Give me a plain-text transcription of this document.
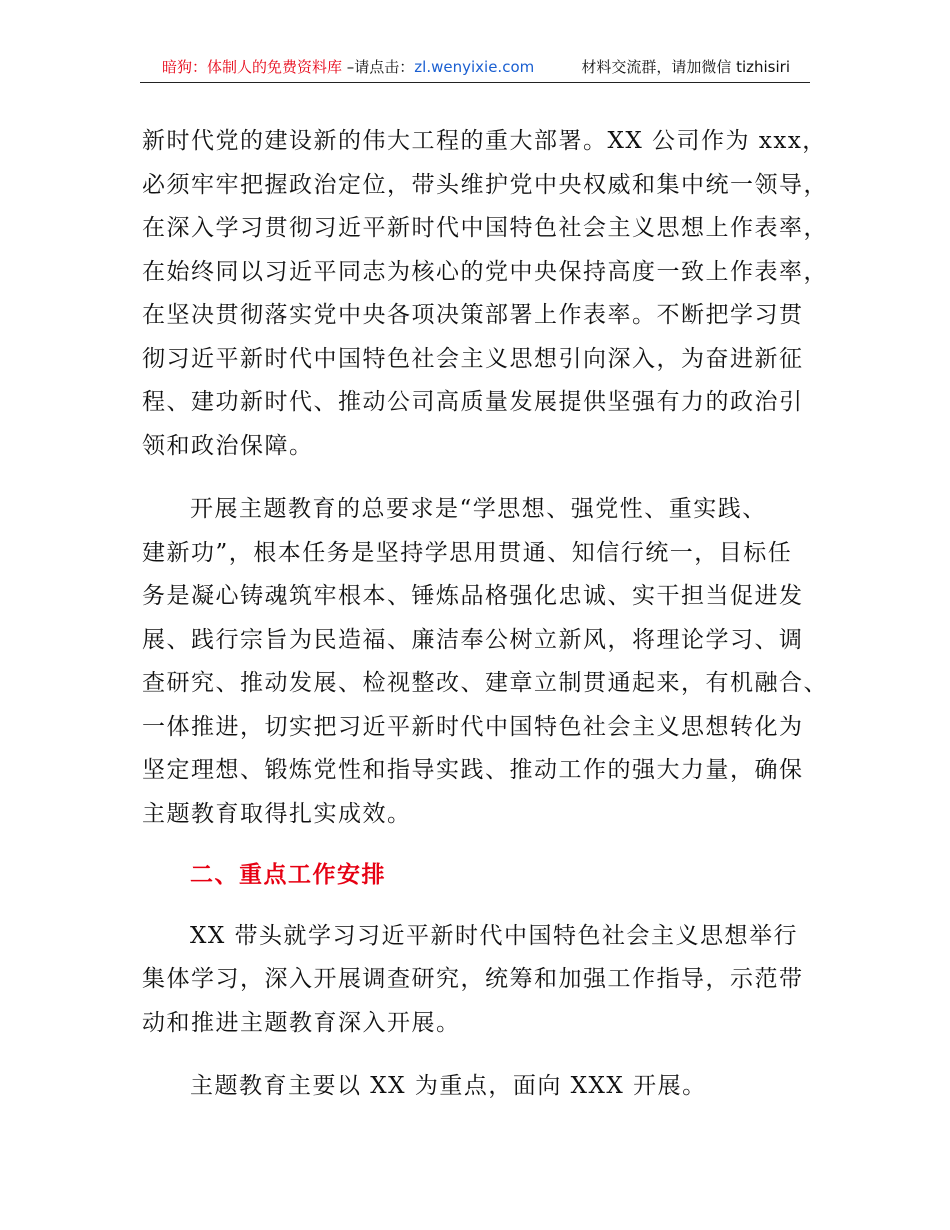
暗狗：体制人的免费资料库 –请点击：zl.wenyixie.com	材料交流群，请加微信 tizhisiri

新时代党的建设新的伟大工程的重大部署。XX 公司作为 xxx，
必须牢牢把握政治定位，带头维护党中央权威和集中统一领导，
在深入学习贯彻习近平新时代中国特色社会主义思想上作表率，
在始终同以习近平同志为核心的党中央保持高度一致上作表率，
在坚决贯彻落实党中央各项决策部署上作表率。不断把学习贯
彻习近平新时代中国特色社会主义思想引向深入，为奋进新征
程、建功新时代、推动公司高质量发展提供坚强有力的政治引
领和政治保障。

开展主题教育的总要求是“学思想、强党性、重实践、
建新功”，根本任务是坚持学思用贯通、知信行统一，目标任
务是凝心铸魂筑牢根本、锤炼品格强化忠诚、实干担当促进发
展、践行宗旨为民造福、廉洁奉公树立新风，将理论学习、调
查研究、推动发展、检视整改、建章立制贯通起来，有机融合、
一体推进，切实把习近平新时代中国特色社会主义思想转化为
坚定理想、锻炼党性和指导实践、推动工作的强大力量，确保
主题教育取得扎实成效。

二、重点工作安排

XX 带头就学习习近平新时代中国特色社会主义思想举行
集体学习，深入开展调查研究，统筹和加强工作指导，示范带
动和推进主题教育深入开展。

主题教育主要以 XX 为重点，面向 XXX 开展。
